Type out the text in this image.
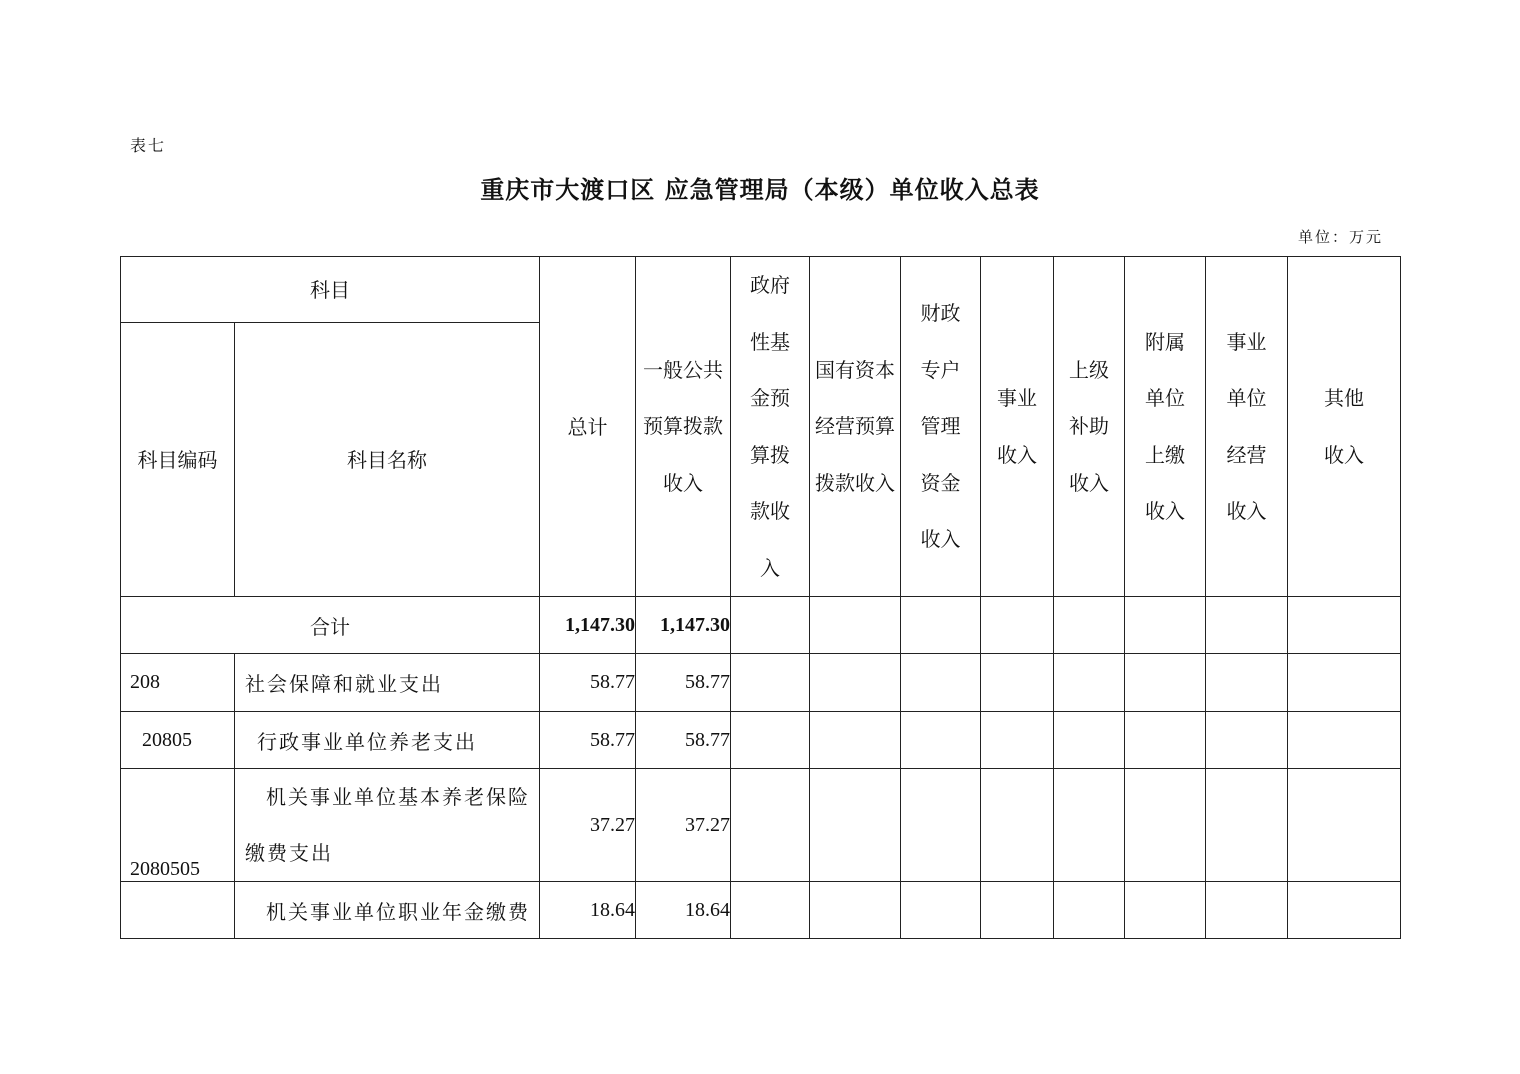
表七
重庆市大渡口区 应急管理局（本级）单位收入总表
单位：万元
科目		总计	一般公共预算拨款收入	政府性基金预算拨款收入	国有资本经营预算拨款收入	财政专户管理资金收入	事业收入	上级补助收入	附属单位上缴收入	事业单位经营收入	其他收入

科目编码	科目名称										
合计		1,147.30	1,147.30								
208	社会保障和就业支出	58.77	58.77								
20805	行政事业单位养老支出	58.77	58.77								
2080505	机关事业单位基本养老保险缴费支出	37.27	37.27								
	机关事业单位职业年金缴费	18.64	18.64								
